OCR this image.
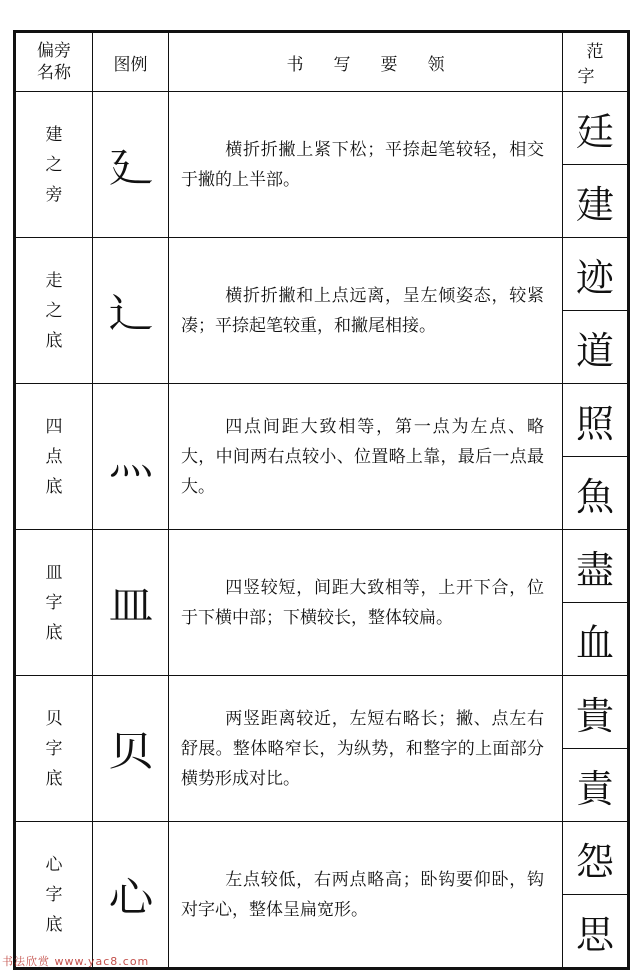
偏旁
名称	图例	书写要领	范字

建
之
旁	廴	横折折撇上紧下松；平捺起笔较轻，相交于撇的上半部。	廷
			建

走
之
底	辶	横折折撇和上点远离，呈左倾姿态，较紧凑；平捺起笔较重，和撇尾相接。	迹
			道

四
点
底	灬	四点间距大致相等，第一点为左点、略大，中间两右点较小、位置略上靠，最后一点最大。	照
			魚

皿
字
底	皿	四竖较短，间距大致相等，上开下合，位于下横中部；下横较长，整体较扁。	盡
			血

贝
字
底	贝	两竖距离较近，左短右略长；撇、点左右舒展。整体略窄长，为纵势，和整字的上面部分横势形成对比。	貴
			責

心
字
底	心	左点较低，右两点略高；卧钩要仰卧，钩对字心，整体呈扁宽形。	怨
			思
书法欣赏 www.yac8.com
